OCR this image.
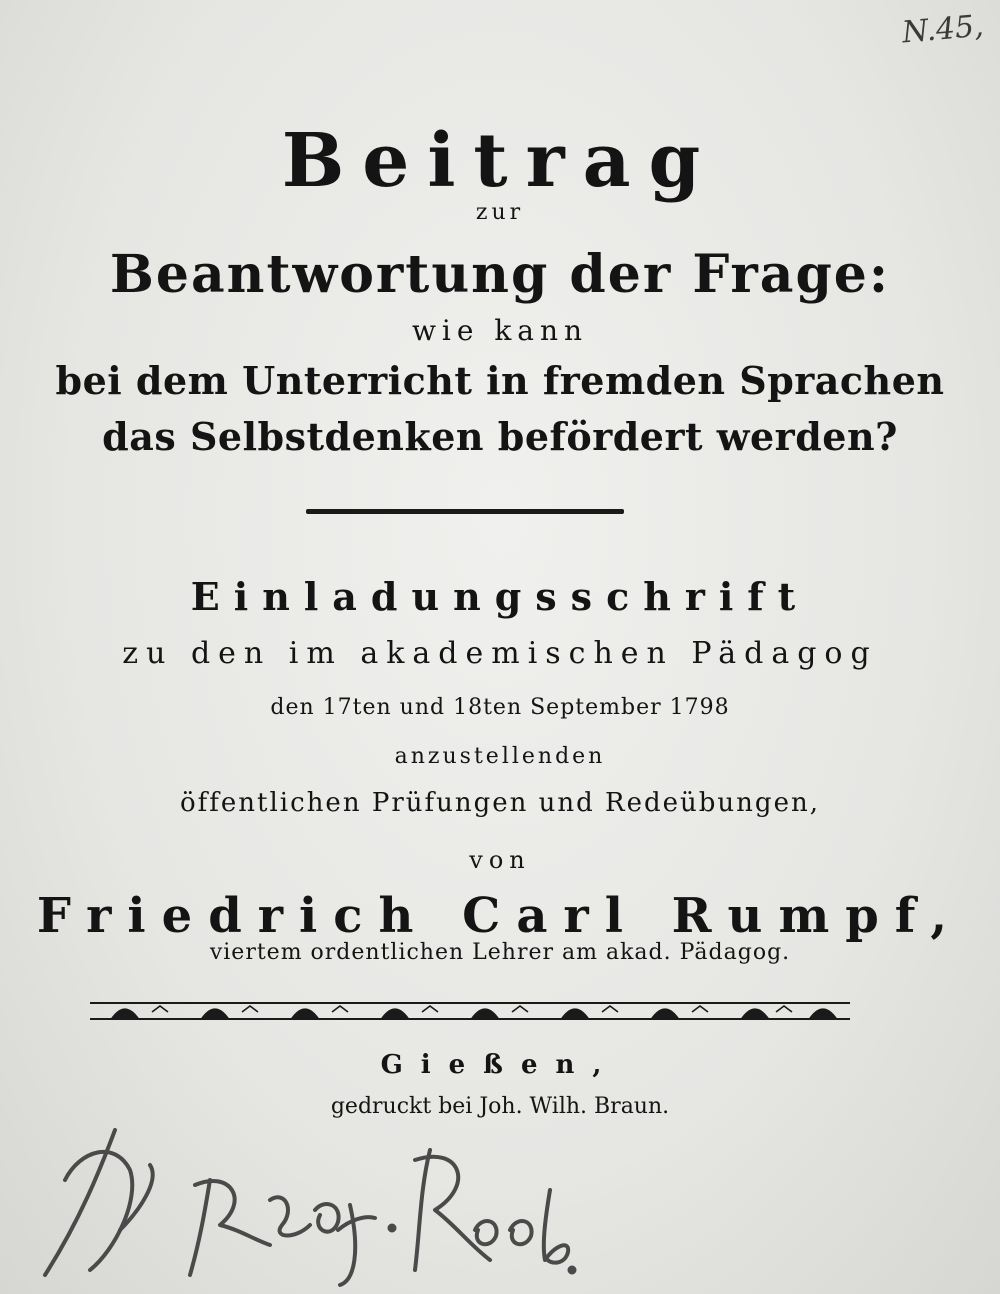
N.45,
Beitrag
zur
Beantwortung der Frage:
wie kann
bei dem Unterricht in fremden Sprachen
das Selbstdenken befördert werden?
Einladungsschrift
zu den im akademischen Pädagog
den 17ten und 18ten September 1798
anzustellenden
öffentlichen Prüfungen und Redeübungen,
von
Friedrich Carl Rumpf,
viertem ordentlichen Lehrer am akad. Pädagog.
Gießen,
gedruckt bei Joh. Wilh. Braun.
